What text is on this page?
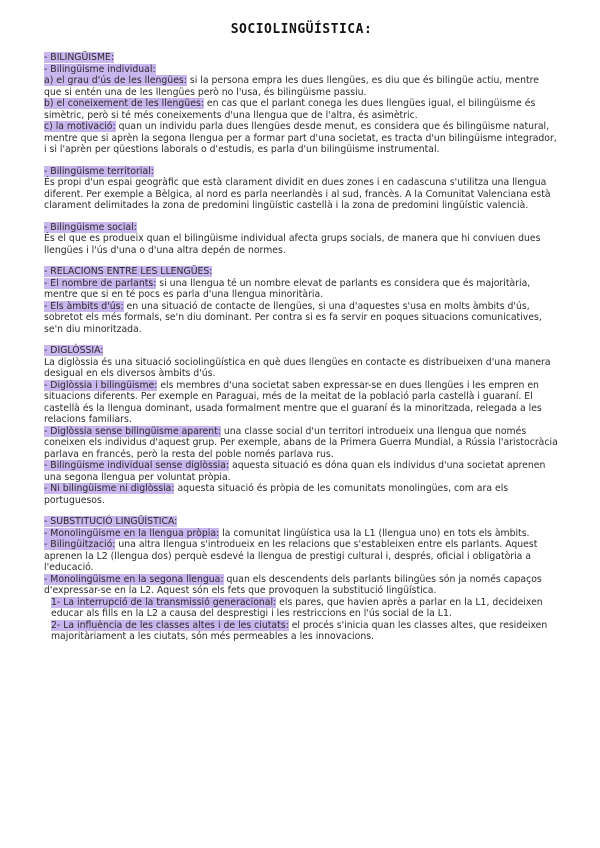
SOCIOLINGÜÍSTICA:
- BILINGÜISME:
- Bilingüisme individual:
a) el grau d'ús de les llengües: si la persona empra les dues llengües, es diu que és bilingüe actiu, mentre que si entén una de les llengües però no l'usa, és bilingüisme passiu.
b) el coneixement de les llengües: en cas que el parlant conega les dues llengües igual, el bilingüisme és simètric, però si té més coneixements d'una llengua que de l'altra, és asimètric.
c) la motivació: quan un individu parla dues llengües desde menut, es considera que és bilingüisme natural, mentre que si aprèn la segona llengua per a formar part d'una societat, es tracta d'un bilingüisme integrador, i si l'aprèn per qüestions laborals o d'estudis, es parla d'un bilingüisme instrumental.
- Bilingüisme territorial:
És propi d'un espai geogràfic que està clarament dividit en dues zones i en cadascuna s'utilitza una llengua diferent. Per exemple a Bèlgica, al nord es parla neerlandès i al sud, francès. A la Comunitat Valenciana està clarament delimitades la zona de predomini lingüístic castellà i la zona de predomini lingüístic valencià.
- Bilingüisme social:
És el que es produeix quan el bilingüisme individual afecta grups socials, de manera que hi conviuen dues llengües i l'ús d'una o d'una altra depén de normes.
- RELACIONS ENTRE LES LLENGÜES:
- El nombre de parlants: si una llengua té un nombre elevat de parlants es considera que és majoritària, mentre que si en té pocs es parla d'una llengua minoritària.
- Els àmbits d'ús: en una situació de contacte de llengües, si una d'aquestes s'usa en molts àmbits d'ús, sobretot els més formals, se'n diu dominant. Per contra si es fa servir en poques situacions comunicatives, se'n diu minoritzada.
- DIGLÒSSIA:
La diglòssia és una situació sociolingüística en què dues llengües en contacte es distribueixen d'una manera desigual en els diversos àmbits d'ús.
- Diglòssia i bilingüisme: els membres d'una societat saben expressar-se en dues llengües i les empren en situacions diferents. Per exemple en Paraguai, més de la meitat de la població parla castellà i guaraní. El castellà és la llengua dominant, usada formalment mentre que el guaraní és la minoritzada, relegada a les relacions familiars.
- Diglòssia sense bilingüisme aparent: una classe social d'un territori introdueix una llengua que només coneixen els individus d'aquest grup. Per exemple, abans de la Primera Guerra Mundial, a Rússia l'aristocràcia parlava en francés, però la resta del poble només parlava rus.
- Bilingüisme individual sense diglòssia: aquesta situació es dóna quan els individus d'una societat aprenen una segona llengua per voluntat pròpia.
- Ni bilingüisme ni diglòssia: aquesta situació és pròpia de les comunitats monolingües, com ara els portuguesos.
- SUBSTITUCIÓ LINGÜÍSTICA:
- Monolingüisme en la llengua pròpia: la comunitat lingüística usa la L1 (llengua uno) en tots els àmbits.
- Bilingüització: una altra llengua s'introdueix en les relacions que s'estableixen entre els parlants. Aquest aprenen la L2 (llengua dos) perquè esdevé la llengua de prestigi cultural i, després, oficial i obligatòria a l'educació.
- Monolingüisme en la segona llengua: quan els descendents dels parlants bilingües són ja només capaços d'expressar-se en la L2. Aquest són els fets que provoquen la substitució lingüística.
1- La interrupció de la transmissió generacional: els pares, que havien après a parlar en la L1, decideixen educar als fills en la L2 a causa del desprestigi i les restriccions en l'ús social de la L1.
2- La influència de les classes altes i de les ciutats: el procés s'inicia quan les classes altes, que resideixen majoritàriament a les ciutats, són més permeables a les innovacions.
